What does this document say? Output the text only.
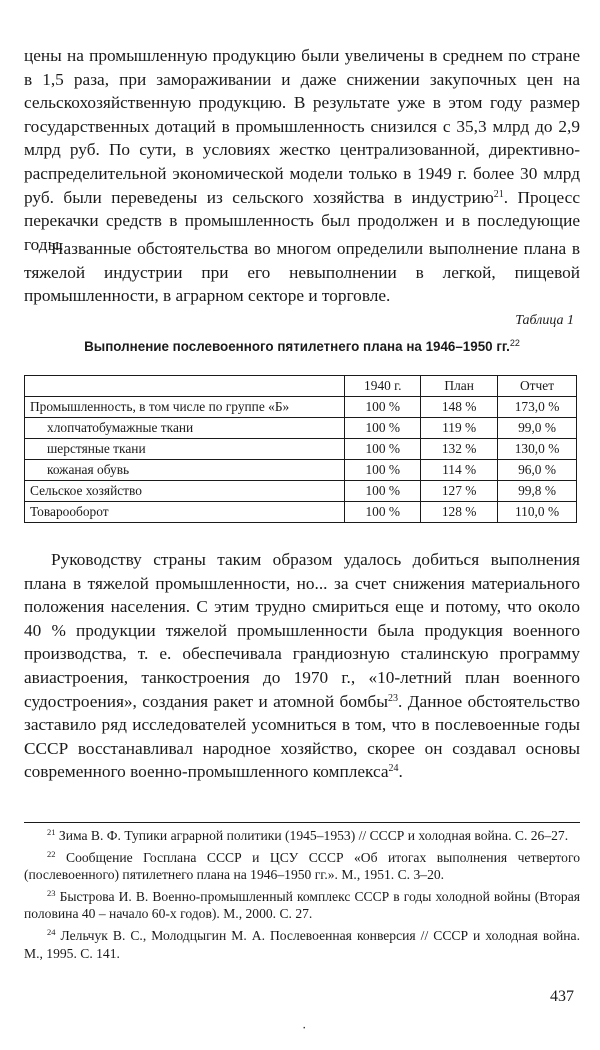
цены на промышленную продукцию были увеличены в среднем по стране в 1,5 раза, при замораживании и даже снижении закупочных цен на сельскохозяйственную продукцию. В результате уже в этом году размер государственных дотаций в промышленность снизился с 35,3 млрд до 2,9 млрд руб. По сути, в условиях жестко централизованной, директивно-распределительной экономической модели только в 1949 г. более 30 млрд руб. были переведены из сельского хозяйства в индустрию$^{21}$. Процесс перекачки средств в промышленность был продолжен и в последующие годы.

Названные обстоятельства во многом определили выполнение плана в тяжелой индустрии при его невыполнении в легкой, пищевой промышленности, в аграрном секторе и торговле.

Таблица 1
Выполнение послевоенного пятилетнего плана на 1946–1950 гг.$^{22}$
	1940 г.	План	Отчет
Промышленность, в том числе по группе «Б»	100 %	148 %	173,0 %
хлопчатобумажные ткани	100 %	119 %	99,0 %
шерстяные ткани	100 %	132 %	130,0 %
кожаная обувь	100 %	114 %	96,0 %
Сельское хозяйство	100 %	127 %	99,8 %
Товарооборот	100 %	128 %	110,0 %

Руководству страны таким образом удалось добиться выполнения плана в тяжелой промышленности, но... за счет снижения материального положения населения. С этим трудно смириться еще и потому, что около 40 % продукции тяжелой промышленности была продукция военного производства, т. е. обеспечивала грандиозную сталинскую программу авиастроения, танкостроения до 1970 г., «10-летний план военного судостроения», создания ракет и атомной бомбы$^{23}$. Данное обстоятельство заставило ряд исследователей усомниться в том, что в послевоенные годы СССР восстанавливал народное хозяйство, скорее он создавал основы современного военно-промышленного комплекса$^{24}$.

$^{21}$ Зима В. Ф. Тупики аграрной политики (1945–1953) // СССР и холодная война. С. 26–27.

$^{22}$ Сообщение Госплана СССР и ЦСУ СССР «Об итогах выполнения четвертого (послевоенного) пятилетнего плана на 1946–1950 гг.». М., 1951. С. 3–20.

$^{23}$ Быстрова И. В. Военно-промышленный комплекс СССР в годы холодной войны (Вторая половина 40 – начало 60-х годов). М., 2000. С. 27.

$^{24}$ Лельчук В. С., Молодцыгин М. А. Послевоенная конверсия // СССР и холодная война. М., 1995. С. 141.

437
٠
